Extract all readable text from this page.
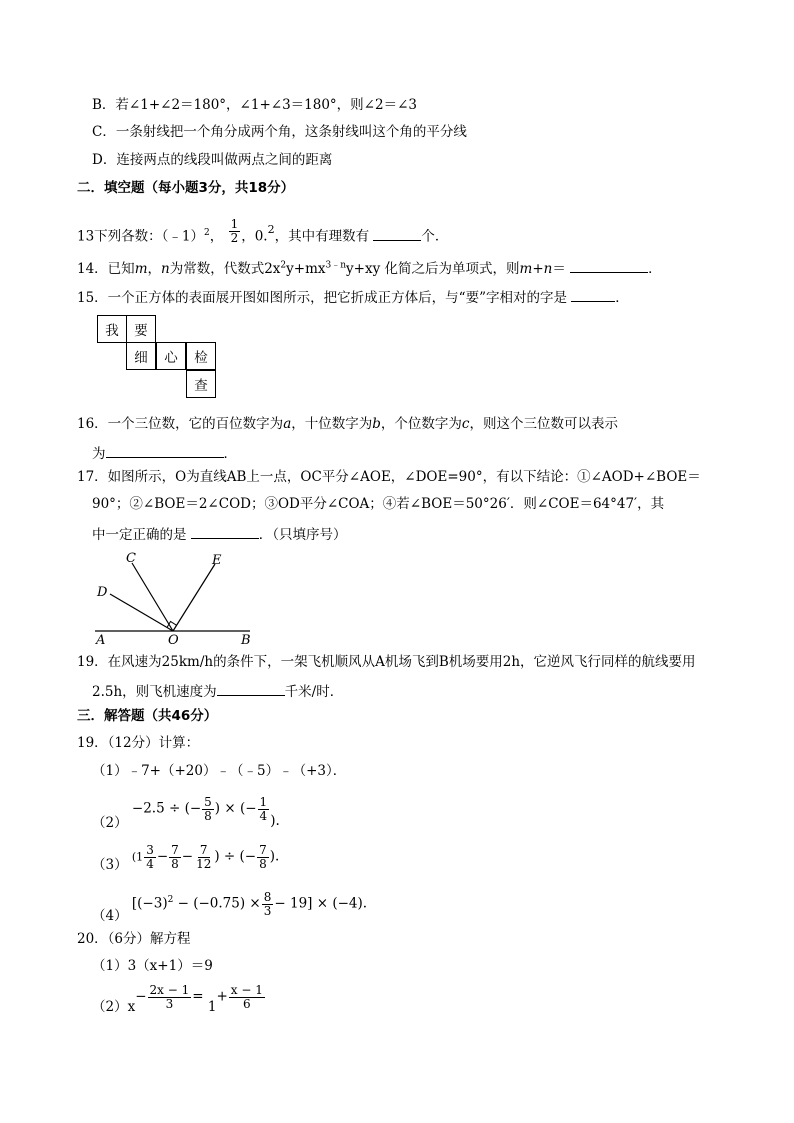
B．若∠1+∠2＝180°，∠1+∠3＝180°，则∠2＝∠3
C．一条射线把一个角分成两个角，这条射线叫这个角的平分线
D．连接两点的线段叫做两点之间的距离
二．填空题（每小题3分，共18分）
13下列各数：（﹣1）$^2$， $\frac{1}{2}$ ，0.$^2$，其中有理数有	个．
14．已知m，n为常数，代数式$2x^2y+mx^{3﹣n}y+xy$ 化简之后为单项式，则m+n＝	．
15．一个正方体的表面展开图如图所示，把它折成正方体后，与“要”字相对的字是	．
我	要
细	心	检
查
16．一个三位数，它的百位数字为a，十位数字为b，个位数字为c，则这个三位数可以表示
为	．
17．如图所示，O为直线AB上一点，OC平分∠AOE，∠DOE=90°，有以下结论：①∠AOD+∠BOE＝
90°；②∠BOE＝2∠COD；③OD平分∠COA；④若∠BOE＝50°26′．则∠COE＝64°47′，其
中一定正确的是	．（只填序号）
C	E
D
A	O	B
19．在风速为25km/h的条件下，一架飞机顺风从A机场飞到B机场要用2h，它逆风飞行同样的航线要用
2.5h，则飞机速度为	千米/时．
三．解答题（共46分）
19．（12分）计算：
（1）﹣7+（+20）﹣（﹣5）﹣（+3）．
（2） −2.5 ÷ (− $\frac{5}{8}$ ) × (− $\frac{1}{4}$ ).
（3） ($1 \frac{3}{4} - \frac{7}{8} - \frac{7}{12}$ ) ÷ (− $\frac{7}{8}$ ).
（4） $[(-3)^2 - (-0.75) \times \frac{8}{3} - 19] \times (-4)$.
20．（6分）解方程
（1）3（x+1）＝9
$(2)x- \frac{2x - 1}{3} = 1+ \frac{x - 1}{6}$
